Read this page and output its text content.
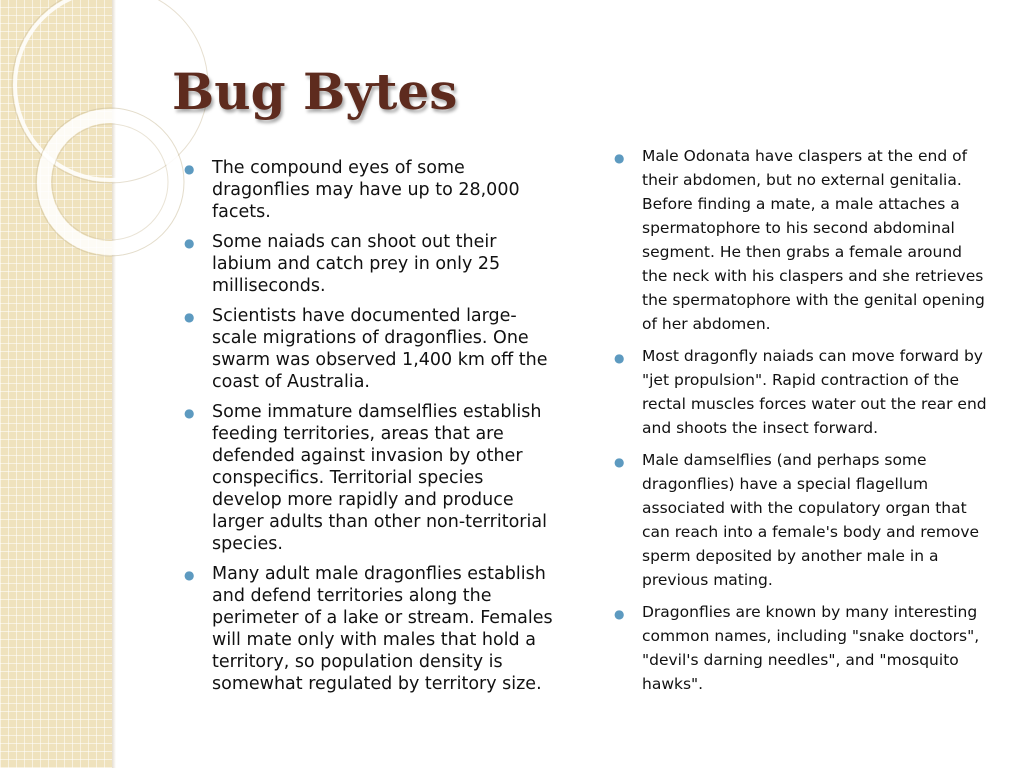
Bug Bytes
● The compound eyes of some dragonflies may have up to 28,000 facets.
● Some naiads can shoot out their labium and catch prey in only 25 milliseconds.
● Scientists have documented large-scale migrations of dragonflies. One swarm was observed 1,400 km off the coast of Australia.
● Some immature damselflies establish feeding territories, areas that are defended against invasion by other conspecifics. Territorial species develop more rapidly and produce larger adults than other non-territorial species.
● Many adult male dragonflies establish and defend territories along the perimeter of a lake or stream. Females will mate only with males that hold a territory, so population density is somewhat regulated by territory size.
● Male Odonata have claspers at the end of their abdomen, but no external genitalia. Before finding a mate, a male attaches a spermatophore to his second abdominal segment. He then grabs a female around the neck with his claspers and she retrieves the spermatophore with the genital opening of her abdomen.
● Most dragonfly naiads can move forward by "jet propulsion". Rapid contraction of the rectal muscles forces water out the rear end and shoots the insect forward.
● Male damselflies (and perhaps some dragonflies) have a special flagellum associated with the copulatory organ that can reach into a female's body and remove sperm deposited by another male in a previous mating.
● Dragonflies are known by many interesting common names, including "snake doctors", "devil's darning needles", and "mosquito hawks".
